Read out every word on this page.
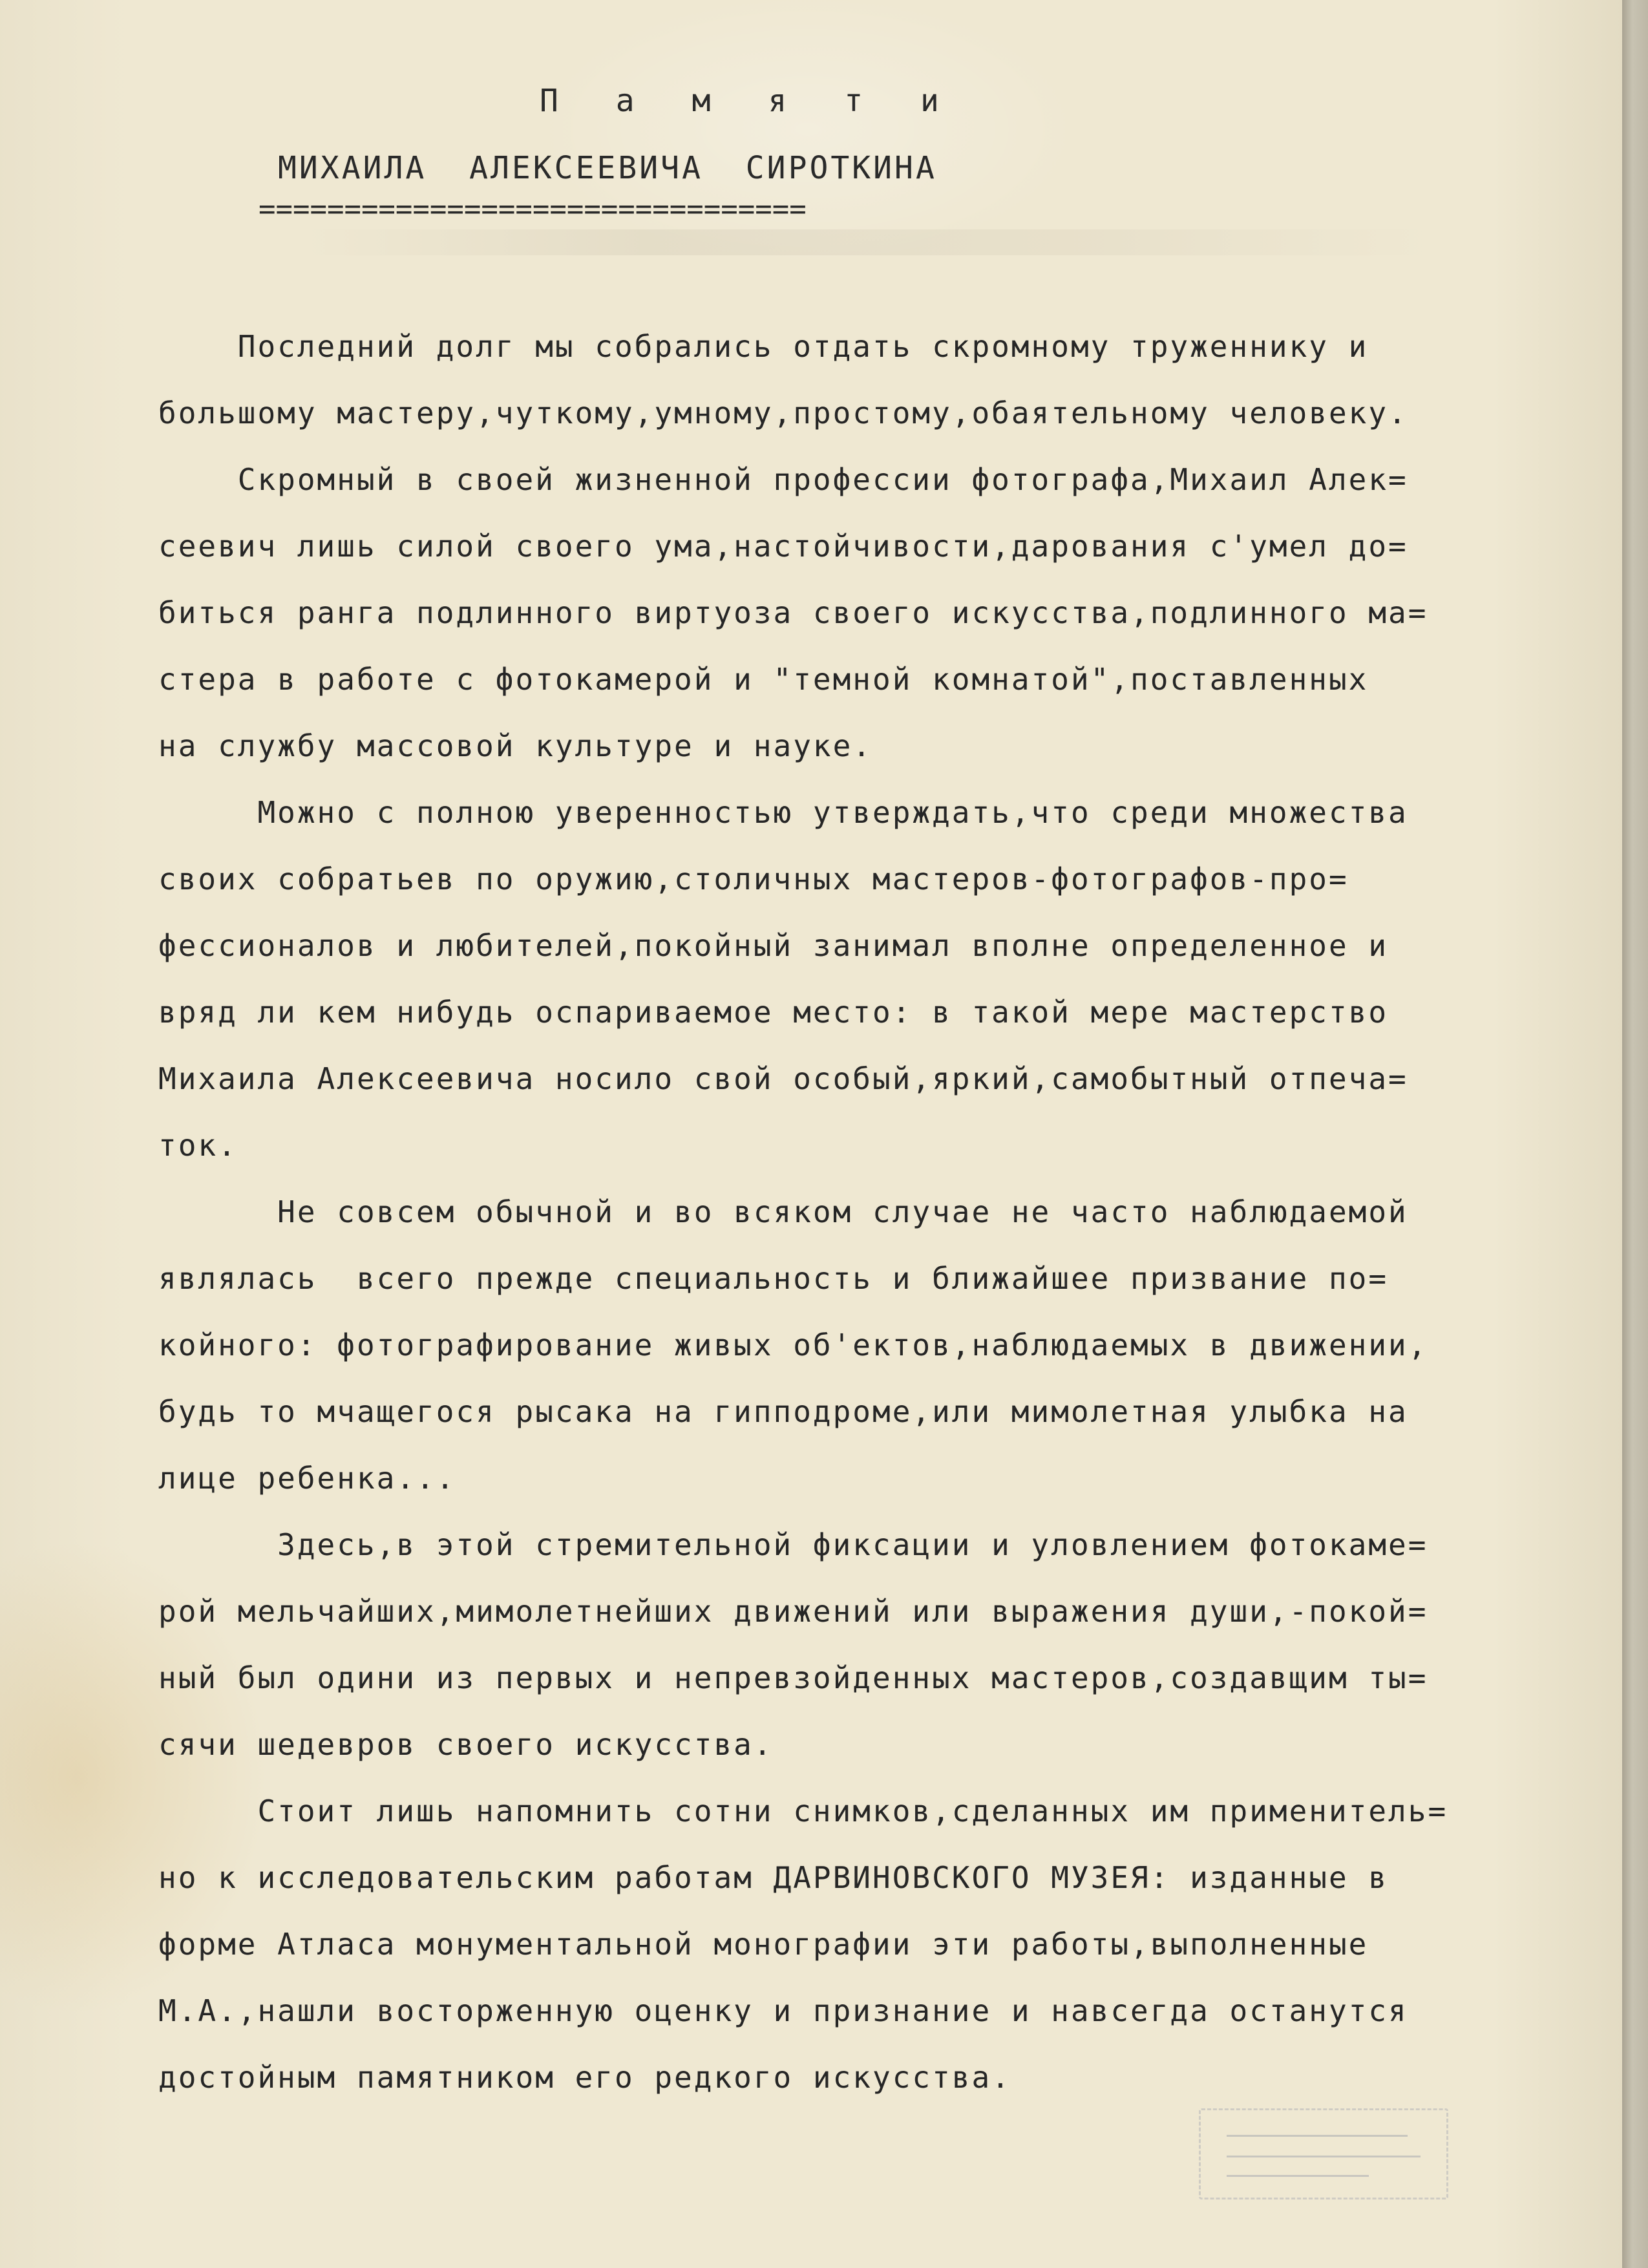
П а м я т и
МИХАИЛА  АЛЕКСЕЕВИЧА  СИРОТКИНА
================================
Последний долг мы собрались отдать скромному труженнику и
большому мастеру,чуткому,умному,простому,обаятельному человеку.
Скромный в своей жизненной профессии фотографа,Михаил Алек=
сеевич лишь силой своего ума,настойчивости,дарования с'умел до=
биться ранга подлинного виртуоза своего искусства,подлинного ма=
стера в работе с фотокамерой и "темной комнатой",поставленных
на службу массовой культуре и науке.
Можно с полною уверенностью утверждать,что среди множества
своих собратьев по оружию,столичных мастеров-фотографов-про=
фессионалов и любителей,покойный занимал вполне определенное и
вряд ли кем нибудь оспариваемое место: в такой мере мастерство
Михаила Алексеевича носило свой особый,яркий,самобытный отпеча=
ток.
Не совсем обычной и во всяком случае не часто наблюдаемой
являлась  всего прежде специальность и ближайшее призвание по=
койного: фотографирование живых об'ектов,наблюдаемых в движении,
будь то мчащегося рысака на гипподроме,или мимолетная улыбка на
лице ребенка...
Здесь,в этой стремительной фиксации и уловлением фотокаме=
рой мельчайших,мимолетнейших движений или выражения души,-покой=
ный был одини из первых и непревзойденных мастеров,создавщим ты=
сячи шедевров своего искусства.
Стоит лишь напомнить сотни снимков,сделанных им применитель=
но к исследовательским работам ДАРВИНОВСКОГО МУЗЕЯ: изданные в
форме Атласа монументальной монографии эти работы,выполненные
М.А.,нашли восторженную оценку и признание и навсегда останутся
достойным памятником его редкого искусства.
